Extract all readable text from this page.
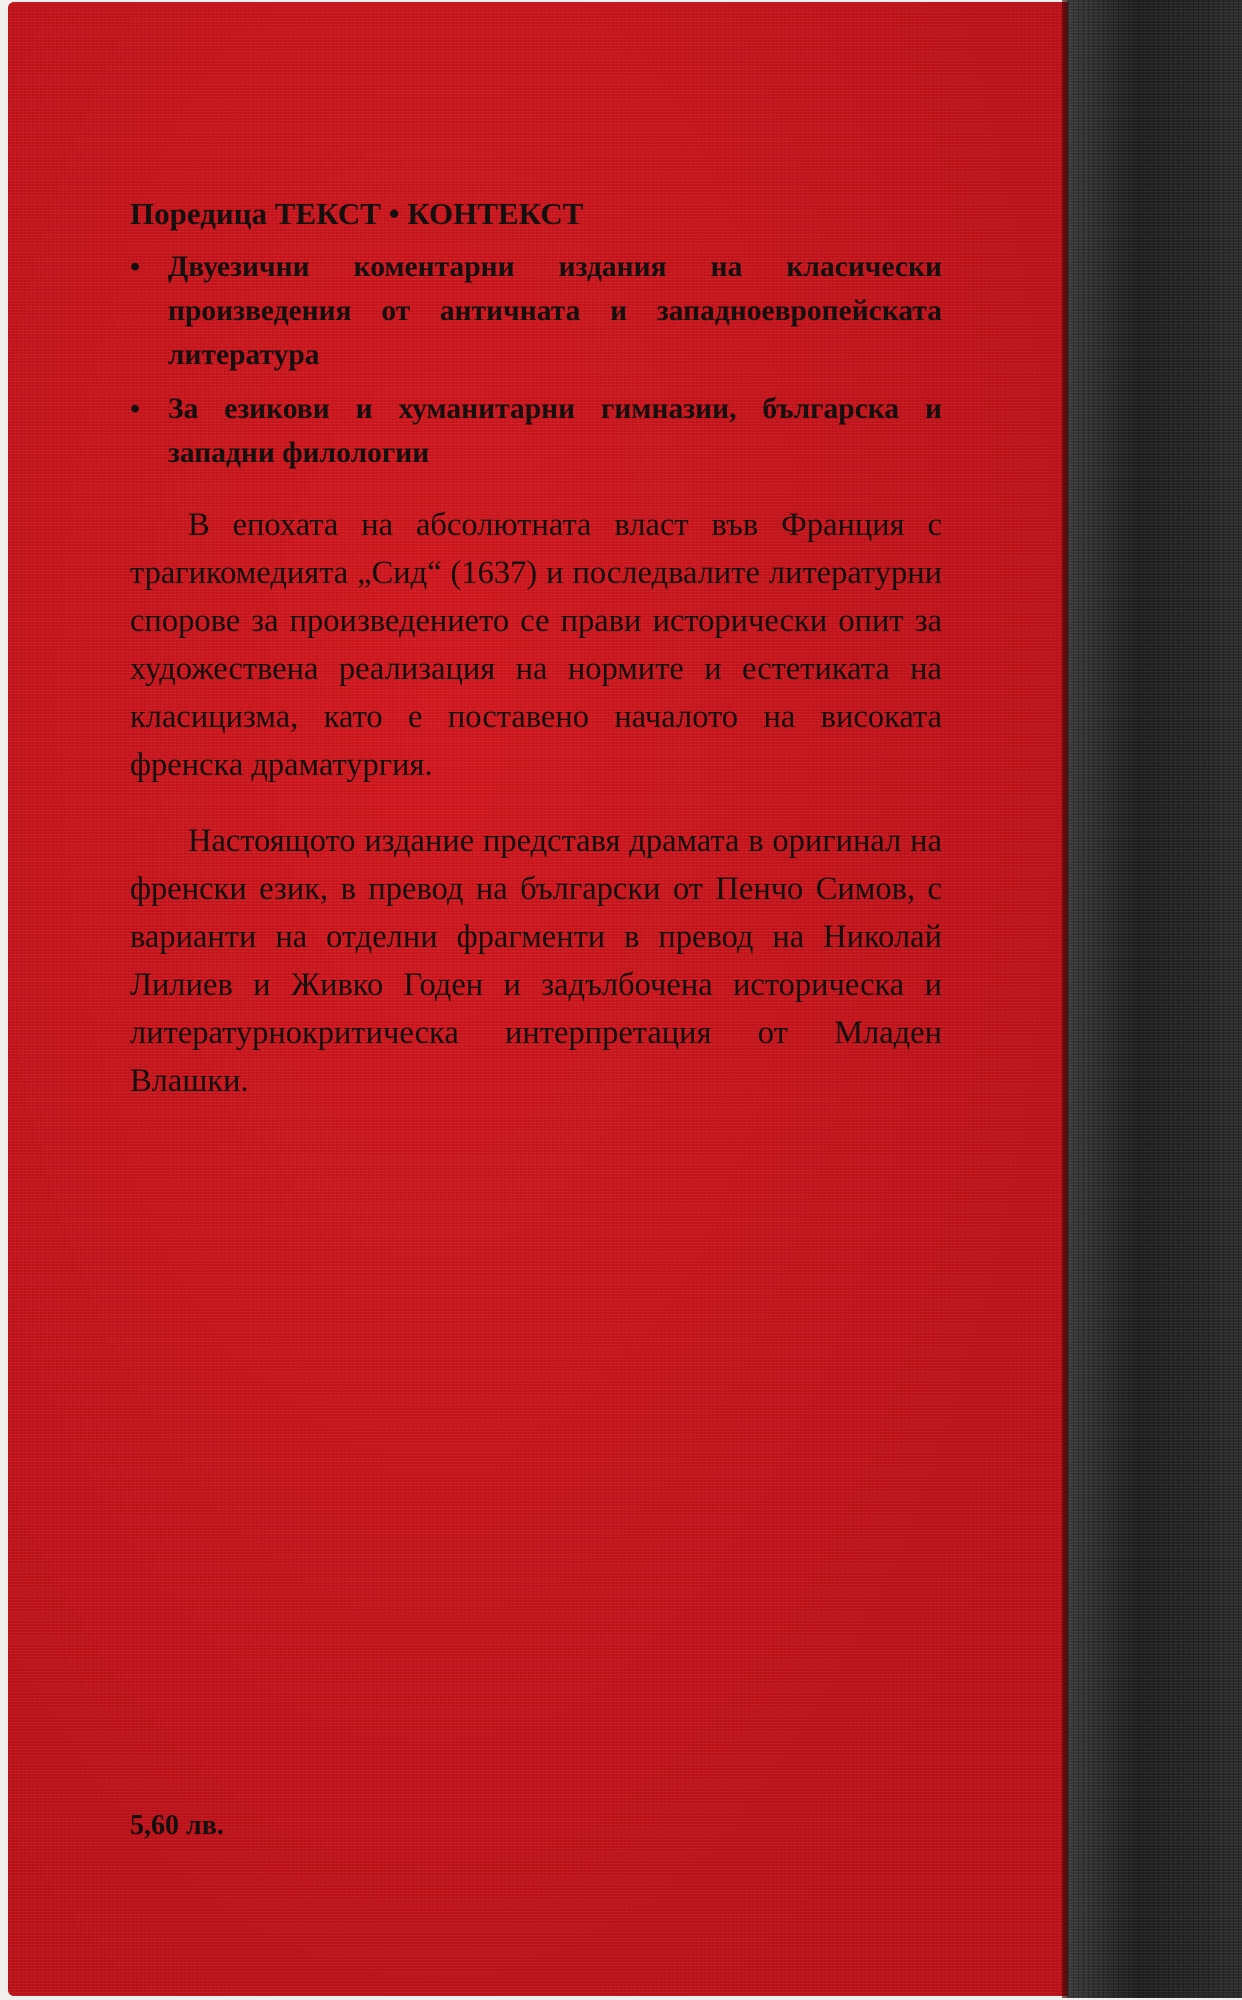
Поредица ТЕКСТ • КОНТЕКСТ
• Двуезични коментарни издания на класически произведения от античната и западноевропейската литература
• За езикови и хуманитарни гимназии, българска и западни филологии

В епохата на абсолютната власт във Франция с трагикомедията „Сид“ (1637) и последвалите литературни спорове за произведението се прави исторически опит за художествена реализация на нормите и естетиката на класицизма, като е поставено началото на високата френска драматургия.

Настоящото издание представя драмата в оригинал на френски език, в превод на български от Пенчо Симов, с варианти на отделни фрагменти в превод на Николай Лилиев и Живко Годен и задълбочена историческа и литературнокритическа интерпретация от Младен Влашки.

5,60 лв.
